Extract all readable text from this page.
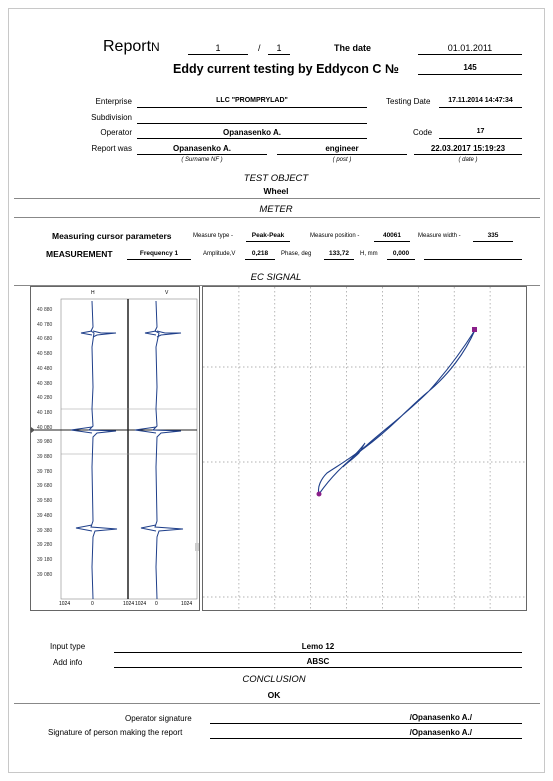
ReportN	1	/	1	The date	01.01.2011
Eddy current testing by Eddycon C №	145
Enterprise	LLC "PROMPRYLAD"	Testing Date	17.11.2014 14:47:34
Subdivision
Operator	Opanasenko A.	Code	17
Report was	Opanasenko A.	engineer	22.03.2017 15:19:23
( Surname NF )	( post )	( date )
TEST OBJECT
Wheel
METER
Measuring cursor parameters	Measure type -	Peak-Peak	Measure position -	40061	Measure width -	335
MEASUREMENT	Frequency 1	Amplitude,V	0,218	Phase, deg	133,72	H, mm	0,000
EC SIGNAL
H	V
40 880
40 780
40 680
40 580
40 480
40 380
40 280
40 180
40 080
39 980
39 880
39 780
39 680
39 580
39 480
39 380
39 280
39 180
39 080
1024	0	1024 1024 0	1024
Input type	Lemo 12
Add info	ABSC
CONCLUSION
OK
Operator signature	/Opanasenko A./
Signature of person making the report	/Opanasenko A./
